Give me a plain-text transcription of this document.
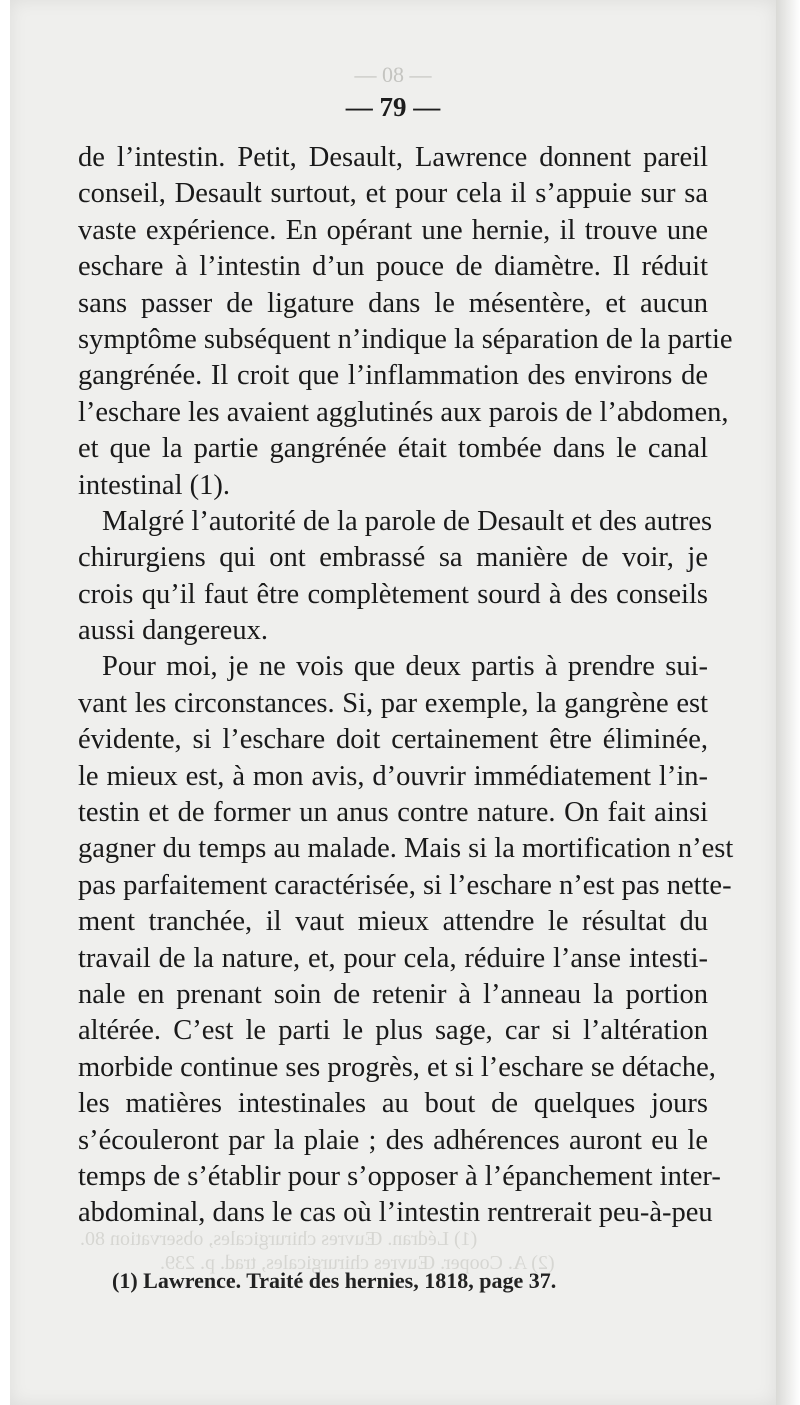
(1) Lédran. Œuvres chirurgicales, observation 80.
(2) A. Cooper. Œuvres chirurgicales, trad. p. 239.
— 08 —
— 79 —
de l’intestin. Petit, Desault, Lawrence donnent pareil
conseil, Desault surtout, et pour cela il s’appuie sur sa
vaste expérience. En opérant une hernie, il trouve une
eschare à l’intestin d’un pouce de diamètre. Il réduit
sans passer de ligature dans le mésentère, et aucun
symptôme subséquent n’indique la séparation de la partie
gangrénée. Il croit que l’inflammation des environs de
l’eschare les avaient agglutinés aux parois de l’abdomen,
et que la partie gangrénée était tombée dans le canal
intestinal (1).
Malgré l’autorité de la parole de Desault et des autres
chirurgiens qui ont embrassé sa manière de voir, je
crois qu’il faut être complètement sourd à des conseils
aussi dangereux.
Pour moi, je ne vois que deux partis à prendre sui-
vant les circonstances. Si, par exemple, la gangrène est
évidente, si l’eschare doit certainement être éliminée,
le mieux est, à mon avis, d’ouvrir immédiatement l’in-
testin et de former un anus contre nature. On fait ainsi
gagner du temps au malade. Mais si la mortification n’est
pas parfaitement caractérisée, si l’eschare n’est pas nette-
ment tranchée, il vaut mieux attendre le résultat du
travail de la nature, et, pour cela, réduire l’anse intesti-
nale en prenant soin de retenir à l’anneau la portion
altérée. C’est le parti le plus sage, car si l’altération
morbide continue ses progrès, et si l’eschare se détache,
les matières intestinales au bout de quelques jours
s’écouleront par la plaie ; des adhérences auront eu le
temps de s’établir pour s’opposer à l’épanchement inter-
abdominal, dans le cas où l’intestin rentrerait peu-à-peu
(1) Lawrence. Traité des hernies, 1818, page 37.
